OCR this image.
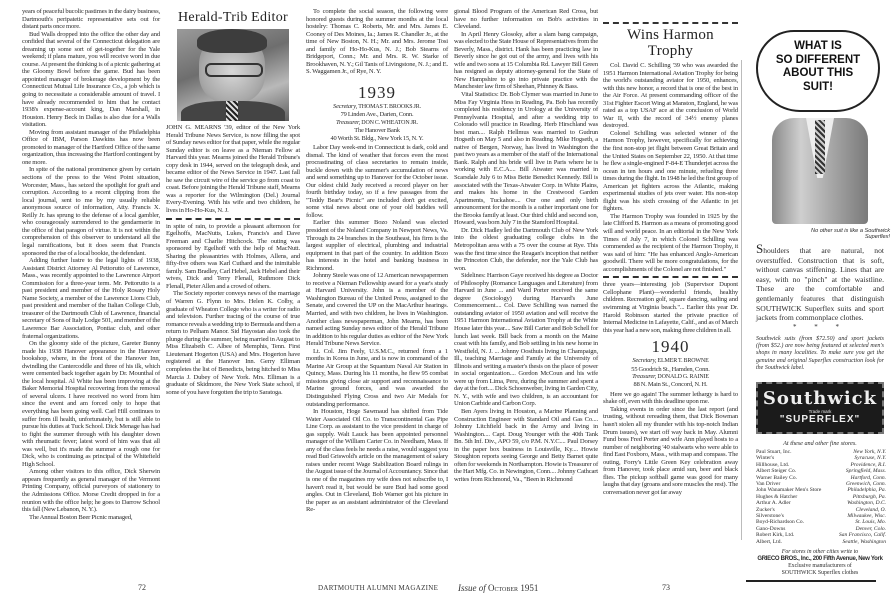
years of peaceful bucolic pastimes in the dairy business, Dartmouth's peripatetic representative sets out for distant parts once more.

Bud Walls dropped into the office the other day and confided that several of the Connecticut delegation are dreaming up some sort of get-together for the Yale weekend; if plans mature, you will receive word in due course. At present the thinking is of a picnic gathering at the Gloomy Bowl before the game. Bud has been appointed manager of brokerage development by the Connecticut Mutual Life Insurance Co., a job which is going to necessitate a considerable amount of travel. I have already recommended to him that he contact 1938's expense-account king, Dan Marshall, in Houston. Henry Beck in Dallas is also due for a Walls visitation.

Moving from assistant manager of the Philadelphia Office of IBM, Parson Dawkins has now been promoted to manager of the Hartford Office of the same organization, thus increasing the Hartford contingent by one more.

In spite of the national prominence given by certain sections of the press to the West Point situation, Worcester, Mass., has seized the spotlight for graft and corruption. According to a recent clipping from the local journal, sent to me by my usually reliable anonymous source of information, Atty. Francis X. Reilly Jr. has sprung to the defense of a local gambler, who courageously surrendered to the gendarmerie in the office of that paragon of virtue. It is not within the comprehension of this observer to understand all the legal ramifications, but it does seem that Francis sponsored the rise of a local bookie, the defendant.

Adding further lustre to the legal lights of 1938, Assistant District Attorney Al Pettorutto of Lawrence, Mass., was recently appointed to the Lawrence Airport Commission for a three-year term. Mr. Pettorutto is a past president and member of the Holy Rosary Holy Name Society, a member of the Lawrence Lions Club, past president and member of the Italian College Club, treasurer of the Dartmouth Club of Lawrence, financial secretary of Sons of Italy Lodge 501, and member of the Lawrence Bar Association, Pontiac club, and other fraternal organizations.

On the gloomy side of the picture, Gareter Bunny made his 1938 Hanover appearance in the Hanover bookshop, where, in the front of the Hanover Inn, dwindling the Cantercoddle and three of his ilk, which were cemented back together again by Dr. Mounthal of the local hospital. Al White has been improving at the Baker Memorial Hospital recovering from the removal of several ulcers. I have received no word from him since the event and am forced only to hope that everything has been going well. Carl Hill continues to suffer from ill health, unfortunately, but is still able to pursue his duties at Tuck School. Dick Menage has had to fight the summer through with his daughter down with rheumatic fever; latest word of him was that all was well, but it's made the summer a rough one for Dick, who is continuing as principal of the Whitefield High School.

Among other visitors to this office, Dick Sherwin appears frequently as general manager of the Vermont Printing Company, official purveyors of stationery to the Admissions Office. Morse Credit dropped in for a reunion with the office help; he goes to Darrow School this fall (New Lebanon, N. Y.).

The Annual Boston Beer Picnic managed,

Herald-Trib Editor

JOHN G. MEARNS '39, editor of the New York Herald Tribune News Service, is now filling the spot of Sunday news editor for that paper, while the regular Sunday editor is on leave as a Nieman Fellow at Harvard this year. Mearns joined the Herald Tribune's copy desk in 1944, served on the telegraph desk, and became editor of the News Service in 1947. Last fall he saw the circuit wire of the service go from coast to coast. Before joining the Herald Tribune staff, Mearns was a reporter for the Wilmington (Del.) Journal Every-Evening. With his wife and two children, he lives in Ho-Ho-Kus, N. J.

in spite of rain, to provide a pleasant afternoon for Egelhoffs, MacNutts, Lukes, Francis's and Dave Freeman and Charlie Hitchcock. The outing was sponsored by Egelhoff with the help of MacNutt. Sharing the pleasantries with Holmes, Allens, and fifty-five others was Karl Cuthard and the inimitable family. Sam Bradley, Carl Hebel, Jack Hebel and their wives, Dick and Terry Flenall, Ruthmore Dick Flenall, Pieter Allen and a crowd of others.

The Society reporter conveys news of the marriage of Warren G. Flynn to Mrs. Helen K. Colby, a graduate of Wheaton College who is a writer for radio and television. Further tracing of the course of true romance reveals a wedding trip to Bermuda and then a return to Pelham Manor. Sid Hayostan also took the plunge during the summer, being married in August to Miss Elizabeth C. Albee of Memphis, Tenn. First Lieutenant Hogerton (USA) and Mrs. Hogerton have registered at the Hanover Inn. Gerry Elliman completes the list of Benedicts, being hitched to Miss Marcia J. Dubey of New York. Mrs. Elliman is a graduate of Skidmore, the New York State school, if some of you have forgotten the trip to Saratoga.

To complete the social season, the following were honored guests during the summer months at the local hostelry: Thomas C. Roberts, Mr. and Mrs. James E. Cooney of Des Moines, Ia.; James R. Chandler Jr., at the time of New Boston, N. H.; Mr. and Mrs. Jerome Tosi and family of Ho-Ho-Kus, N. J.; Bob Stearns of Bridgeport, Conn.; Mr. and Mrs. R. W. Starke of Brookhaven, N. Y.; Gil Tanis of Livingstone, N. J.; and E. S. Waggamen Jr., of Rye, N. Y.

1939
Secretary, THOMAS T. BROOKS JR.
79 Linden Ave., Darien, Conn.
Treasurer, DON C. WHEATON JR.
The Hanover Bank
40 Worth St. Bldg., New York 15, N. Y.

Labor Day week-end in Connecticut is dark, cold and dismal. The kind of weather that forces even the most procrastinating of class secretaries to remain inside, buckle down with the summer's accumulation of news and send something up to Hanover for the October issue. Our oldest child Judy received a record player on her fourth birthday today, so if a few passages from the "Teddy Bear's Picnic" are included don't get excited, some vital news about one of your old buddies will follow.

Earlier this summer Bozo Noland was elected president of the Noland Company in Newport News, Va. Through its 24 branches in the Southeast, his firm is the largest supplier of electrical, plumbing and industrial equipment in that part of the country. In addition Bozo has interests in the hotel and banking business in Richmond.

Johnny Steele was one of 12 American newspapermen to receive a Nieman Fellowship award for a year's study at Harvard University. John is a member of the Washington Bureau of the United Press, assigned to the Senate, and covered the UP on the MacArthur hearings. Married, and with two children, he lives in Washington. Another class newspaperman, John Mearns, has been named acting Sunday news editor of the Herald Tribune in addition to his regular duties as editor of the New York Herald Tribune News Service.

Lt. Col. Jim Feely, U.S.M.C., returned from a 1 months in Korea in June, and is now in command of the Marine Air Group at the Squantum Naval Air Station in Quincy, Mass. During his 11 months, he flew 95 combat missions giving close air support and reconnaissance to Marine ground forces, and was awarded the Distinguished Flying Cross and two Air Medals for outstanding performance.

In Houston, Hoge Sawmaud has shifted from Tide Water Associated Oil Co. to Transcontinental Gas Pipe Line Corp. as assistant to the vice president in charge of gas supply. Walt Lauck has been appointed personnel manager of the William Carter Co. in Needham, Mass. If any of the class feels he needs a raise, would suggest you read Bud Griswold's article on the management of salary raises under recent Wage Stabilization Board rulings in the August issue of the Journal of Accountancy. Since that is one of the magazines my wife does not subscribe to, I haven't read it, but would be sure Bud had some good angles. Out in Cleveland, Bob Warner got his picture in the paper as an assistant administrator of the Cleveland Re-

gional Blood Program of the American Red Cross, but have no further information on Bob's activities in Cleveland.

In April Henry Glosoky, after a slam bang campaign, was elected to the State House of Representatives from the Beverly, Mass., district. Hank has been practicing law in Beverly since he got out of the army, and lives with his wife and two sons at 15 Columbia Rd. Lawyer Bill Green has resigned as deputy attorney-general for the State of New Hampshire to go into private practice with the Manchester law firm of Sheehan, Phinney & Bass.

Vital Statistics: Dr. Bob Clymer was married in June to Miss Fay Virginia Hess in Reading, Pa. Bob has recently completed his residency in Urology at the University of Pennsylvania Hospital, and after a wedding trip to Colorado will practice in Reading. Herb Hirschland was best man.... Ralph Hellmus was married to Gudrun Hogseth on May 5 and also in Reading. Mike Hogseth, a native of Bergen, Norway, has lived in Washington the past two years as a member of the staff of the International Bank. Ralph and his bride will live in Paris where he is working with E.C.A.... Bill Atwater was married in Scarsdale July 6 to Miss Bette Benedict Kennedy. Bill is associated with the Texas-Atwater Corp. in White Plains, and makes his home in the Crestwood Garden Apartments, Tuckahoe.... Our one and only birth announcement for the month is a rather important one for the Brooks family at least. Our third child and second son, Howard, was born July 7 in the Stamford Hospital.

Dr. Dick Hadley led the Dartmouth Club of New York into the oldest graduating college clubs in the Metropolitan area with a 75 over the course at Rye. This was the first time since the Reagan's inception that neither the Princeton Club, the defender, nor the Yale Club has won.

Sidelines: Harrison Gaye received his degree as Doctor of Philosophy (Romance Languages and Literature) from Harvard in June ... and Ward Porter received the same degree (Sociology) during Harvard's June Commencement.... Col. Dave Schilling was named the outstanding aviator of 1950 aviation and will receive the 1951 Harmon International Aviation Trophy at the White House later this year.... Saw Bill Carter and Bob Schell for lunch last week. Bill back from a month on the Maine coast with his family, and Bob settling in his new home in Westfield, N. J. ... Johnny Oosthuis living in Champaign, Ill., teaching Marriage and Family at the University of Illinois and writing a master's thesis on the place of power in social organization.... Gordon McCoun and his wife were up from Lima, Peru, during the summer and spent a day at the fort.... Dick Schoenweber, living in Garden City, N. Y., with wife and two children, is an accountant for Union Carbide and Carbon Corp.

Ben Ayers living in Houston, a Marine Planning and Construction Engineer with Standard Oil and Gas Co.... Johnny Litchfield back in the Army and living in Washington.... Capt. Doug Younger with the 40th Tank Bn. 5th Inf. Div., APO 59, c/o P.M. N.Y.C.... Paul Dorsey in the paper box business in Louisville, Ky.... Howie Stoughton reports seeing George and Betty Barnet quite often for weekends in Northampton. Howie is Treasurer of the Hart Mfg. Co. in Newington, Conn.... Johnny Cathcart writes from Richmond, Va., "Been in Richmond

Wins Harmon Trophy

Col. David C. Schilling '39 who was awarded the 1951 Harmon International Aviation Trophy for being the world's outstanding aviator for 1950, enhances, with this new honor, a record that is one of the best in the Air Force. At present commanding officer of the 31st Fighter Escort Wing at Manston, England, he was rated as a top USAF ace at the conclusion of World War II, with the record of 34½ enemy planes destroyed.

Colonel Schilling was selected winner of the Harmon Trophy, however, specifically for achieving the first non-stop jet flight between Great Britain and the United States on September 22, 1950. At that time he flew a single-engined F-84-E Thunderjet across the ocean in ten hours and one minute, refueling three times during the flight. In 1948 he led the first group of American jet fighters across the Atlantic, making experimental studies of jets over water. His non-stop flight was his sixth crossing of the Atlantic in jet fighters.

The Harmon Trophy was founded in 1925 by the late Clifford B. Harmon as a means of promoting good will and world peace. In an editorial in the New York Times of July 7, in which Colonel Schilling was commended as the recipient of the Harmon Trophy, it was said of him: "He has enhanced Anglo-American goodwill. There will be more congratulations, for the accomplishments of the Colonel are not finished."

three years—interesting job (Supervisor Dupont Cellophane Plant)—wonderful friends, healthy children. Recreation golf, square dancing, sailing and swimming at Virginia beach."... Earlier this year Dr. Harold Robinson started the private practice of Internal Medicine in Lafayette, Calif., and as of March this year had a new son, making three children in all.

1940
Secretary, ELMER T. BROWNE
55 Goodrich St., Hamden, Conn.
Treasurer, DONALD G. RAINIE
88 N. Main St., Concord, N. H.

Here we go again! The summer lethargy is hard to shake off, even with this deadline upon me.

Taking events in order since the last report (and trusting, without rereading them, that Dick Bowman hasn't stolen all my thunder with his top-notch Indian Drum issues), we start off way back in May. Alumni Fund boss Fred Porter and wife Ann played hosts to a number of neighboring '40 stalwarts who were able to find East Foxboro, Mass., with map and compass. The outing, Forry's Little Green Key celebration away from Hanover, took place amid sun, beer and black flies. The pickup softball game was good for many laughs that day (groans and sore muscles the rest). The conversation never got far away

WHAT IS
SO DIFFERENT
ABOUT THIS
SUIT!
No other suit is like a Southwick Superflex!
Shoulders that are natural, not overstuffed. Construction that is soft, without canvas stiffening. Lines that are easy, with no "pinch" at the waistline. These are the comfortable and gentlemanly features that distinguish SOUTHWICK Superflex suits and sport jackets from commonplace clothes.
* * *
Southwick suits (from $72.50) and sport jackets (from $52.) are now being featured at selected men's shops in many localities. To make sure you get the genuine and original Superflex construction look for the Southwick label.
Southwick
Trade mark
"SUPERFLEX"
At these and other fine stores.
Paul Stuart, Inc.	New York, N.Y.
Winter's	Syracuse, N.Y.
Hillhouse, Ltd.	Providence, R.I.
Albert Steiger Co.	Springfield, Mass.
Warner Bailey Co.	Hartford, Conn.
Van Driver	Greenwich, Conn.
John Wanamaker Men's Store	Philadelphia, Pa.
Hughes & Hatcher	Pittsburgh, Pa.
Arthur A. Adler	Washington, D.C.
Zucker's	Cleveland, O.
Silverstone's	Milwaukee, Wisc.
Boyd-Richardson Co.	St. Louis, Mo.
Gano-Downs	Denver, Colo.
Robert Kirk, Ltd.	San Francisco, Calif.
Albert, Ltd.	Seattle, Washington
For stores in other cities write to
GRIECO BROS., Inc., 200 Fifth Avenue, New York
Exclusive manufacturers of
SOUTHWICK Superflex clothes
72	DARTMOUTH ALUMNI MAGAZINE Issue of October 1951	73
